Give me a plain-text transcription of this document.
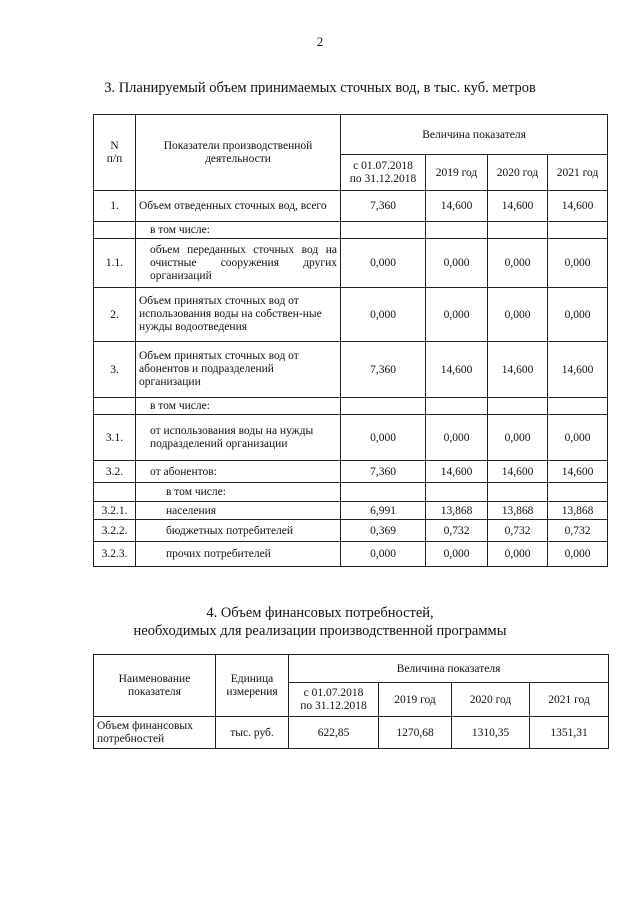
2
3. Планируемый объем принимаемых сточных вод, в тыс. куб. метров
N
п/п	Показатели производственной деятельности	Величина показателя			
		с 01.07.2018
по 31.12.2018	2019 год	2020 год	2021 год
1.	Объем отведенных сточных вод, всего	7,360	14,600	14,600	14,600
	в том числе:				
1.1.	объем переданных сточных вод на очистные сооружения других организаций	0,000	0,000	0,000	0,000
2.	Объем принятых сточных вод от использования воды на собствен-ные нужды водоотведения	0,000	0,000	0,000	0,000
3.	Объем принятых сточных вод от абонентов и подразделений организации	7,360	14,600	14,600	14,600
	в том числе:				
3.1.	от использования воды на нужды подразделений организации	0,000	0,000	0,000	0,000
3.2.	от абонентов:	7,360	14,600	14,600	14,600
	в том числе:				
3.2.1.	населения	6,991	13,868	13,868	13,868
3.2.2.	бюджетных потребителей	0,369	0,732	0,732	0,732
3.2.3.	прочих потребителей	0,000	0,000	0,000	0,000
4. Объем финансовых потребностей,
необходимых для реализации производственной программы
Наименование показателя	Единица измерения	Величина показателя			
		с 01.07.2018
по 31.12.2018	2019 год	2020 год	2021 год
Объем финансовых потребностей	тыс. руб.	622,85	1270,68	1310,35	1351,31
